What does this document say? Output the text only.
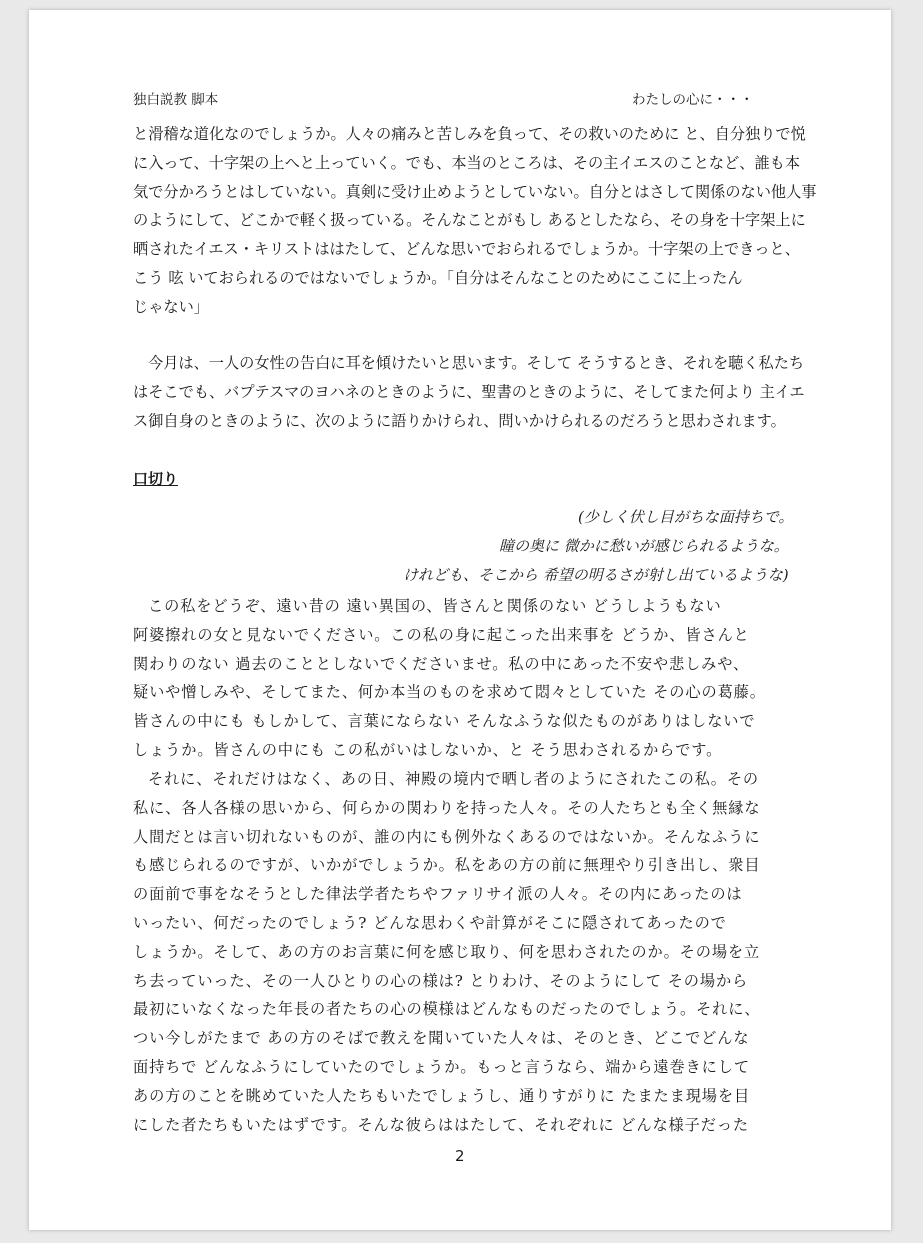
独白説教 脚本	わたしの心に・・・
と滑稽な道化なのでしょうか。人々の痛みと苦しみを負って、その救いのために と、自分独りで悦
に入って、十字架の上へと上っていく。でも、本当のところは、その主イエスのことなど、誰も本
気で分かろうとはしていない。真剣に受け止めようとしていない。自分とはさして関係のない他人事
のようにして、どこかで軽く扱っている。そんなことがもし あるとしたなら、その身を十字架上に
晒されたイエス・キリストははたして、どんな思いでおられるでしょうか。十字架の上できっと、
こう 呟 いておられるのではないでしょうか。「自分はそんなことのためにここに上ったん
じゃない」
今月は、一人の女性の告白に耳を傾けたいと思います。そして そうするとき、それを聴く私たち
はそこでも、バプテスマのヨハネのときのように、聖書のときのように、そしてまた何より 主イエ
ス御自身のときのように、次のように語りかけられ、問いかけられるのだろうと思わされます。
口切り
(少しく伏し目がちな面持ちで。
瞳の奥に 微かに愁いが感じられるような。
けれども、そこから 希望の明るさが射し出ているような)
この私をどうぞ、遠い昔の 遠い異国の、皆さんと関係のない どうしようもない
阿婆擦れの女と見ないでください。この私の身に起こった出来事を どうか、皆さんと
関わりのない 過去のこととしないでくださいませ。私の中にあった不安や悲しみや、
疑いや憎しみや、そしてまた、何か本当のものを求めて悶々としていた その心の葛藤。
皆さんの中にも もしかして、言葉にならない そんなふうな似たものがありはしないで
しょうか。皆さんの中にも この私がいはしないか、と そう思わされるからです。
それに、それだけはなく、あの日、神殿の境内で晒し者のようにされたこの私。その
私に、各人各様の思いから、何らかの関わりを持った人々。その人たちとも全く無縁な
人間だとは言い切れないものが、誰の内にも例外なくあるのではないか。そんなふうに
も感じられるのですが、いかがでしょうか。私をあの方の前に無理やり引き出し、衆目
の面前で事をなそうとした律法学者たちやファリサイ派の人々。その内にあったのは
いったい、何だったのでしょう? どんな思わくや計算がそこに隠されてあったので
しょうか。そして、あの方のお言葉に何を感じ取り、何を思わされたのか。その場を立
ち去っていった、その一人ひとりの心の様は? とりわけ、そのようにして その場から
最初にいなくなった年長の者たちの心の模様はどんなものだったのでしょう。それに、
つい今しがたまで あの方のそばで教えを聞いていた人々は、そのとき、どこでどんな
面持ちで どんなふうにしていたのでしょうか。もっと言うなら、端から遠巻きにして
あの方のことを眺めていた人たちもいたでしょうし、通りすがりに たまたま現場を目
にした者たちもいたはずです。そんな彼らははたして、それぞれに どんな様子だった
2
